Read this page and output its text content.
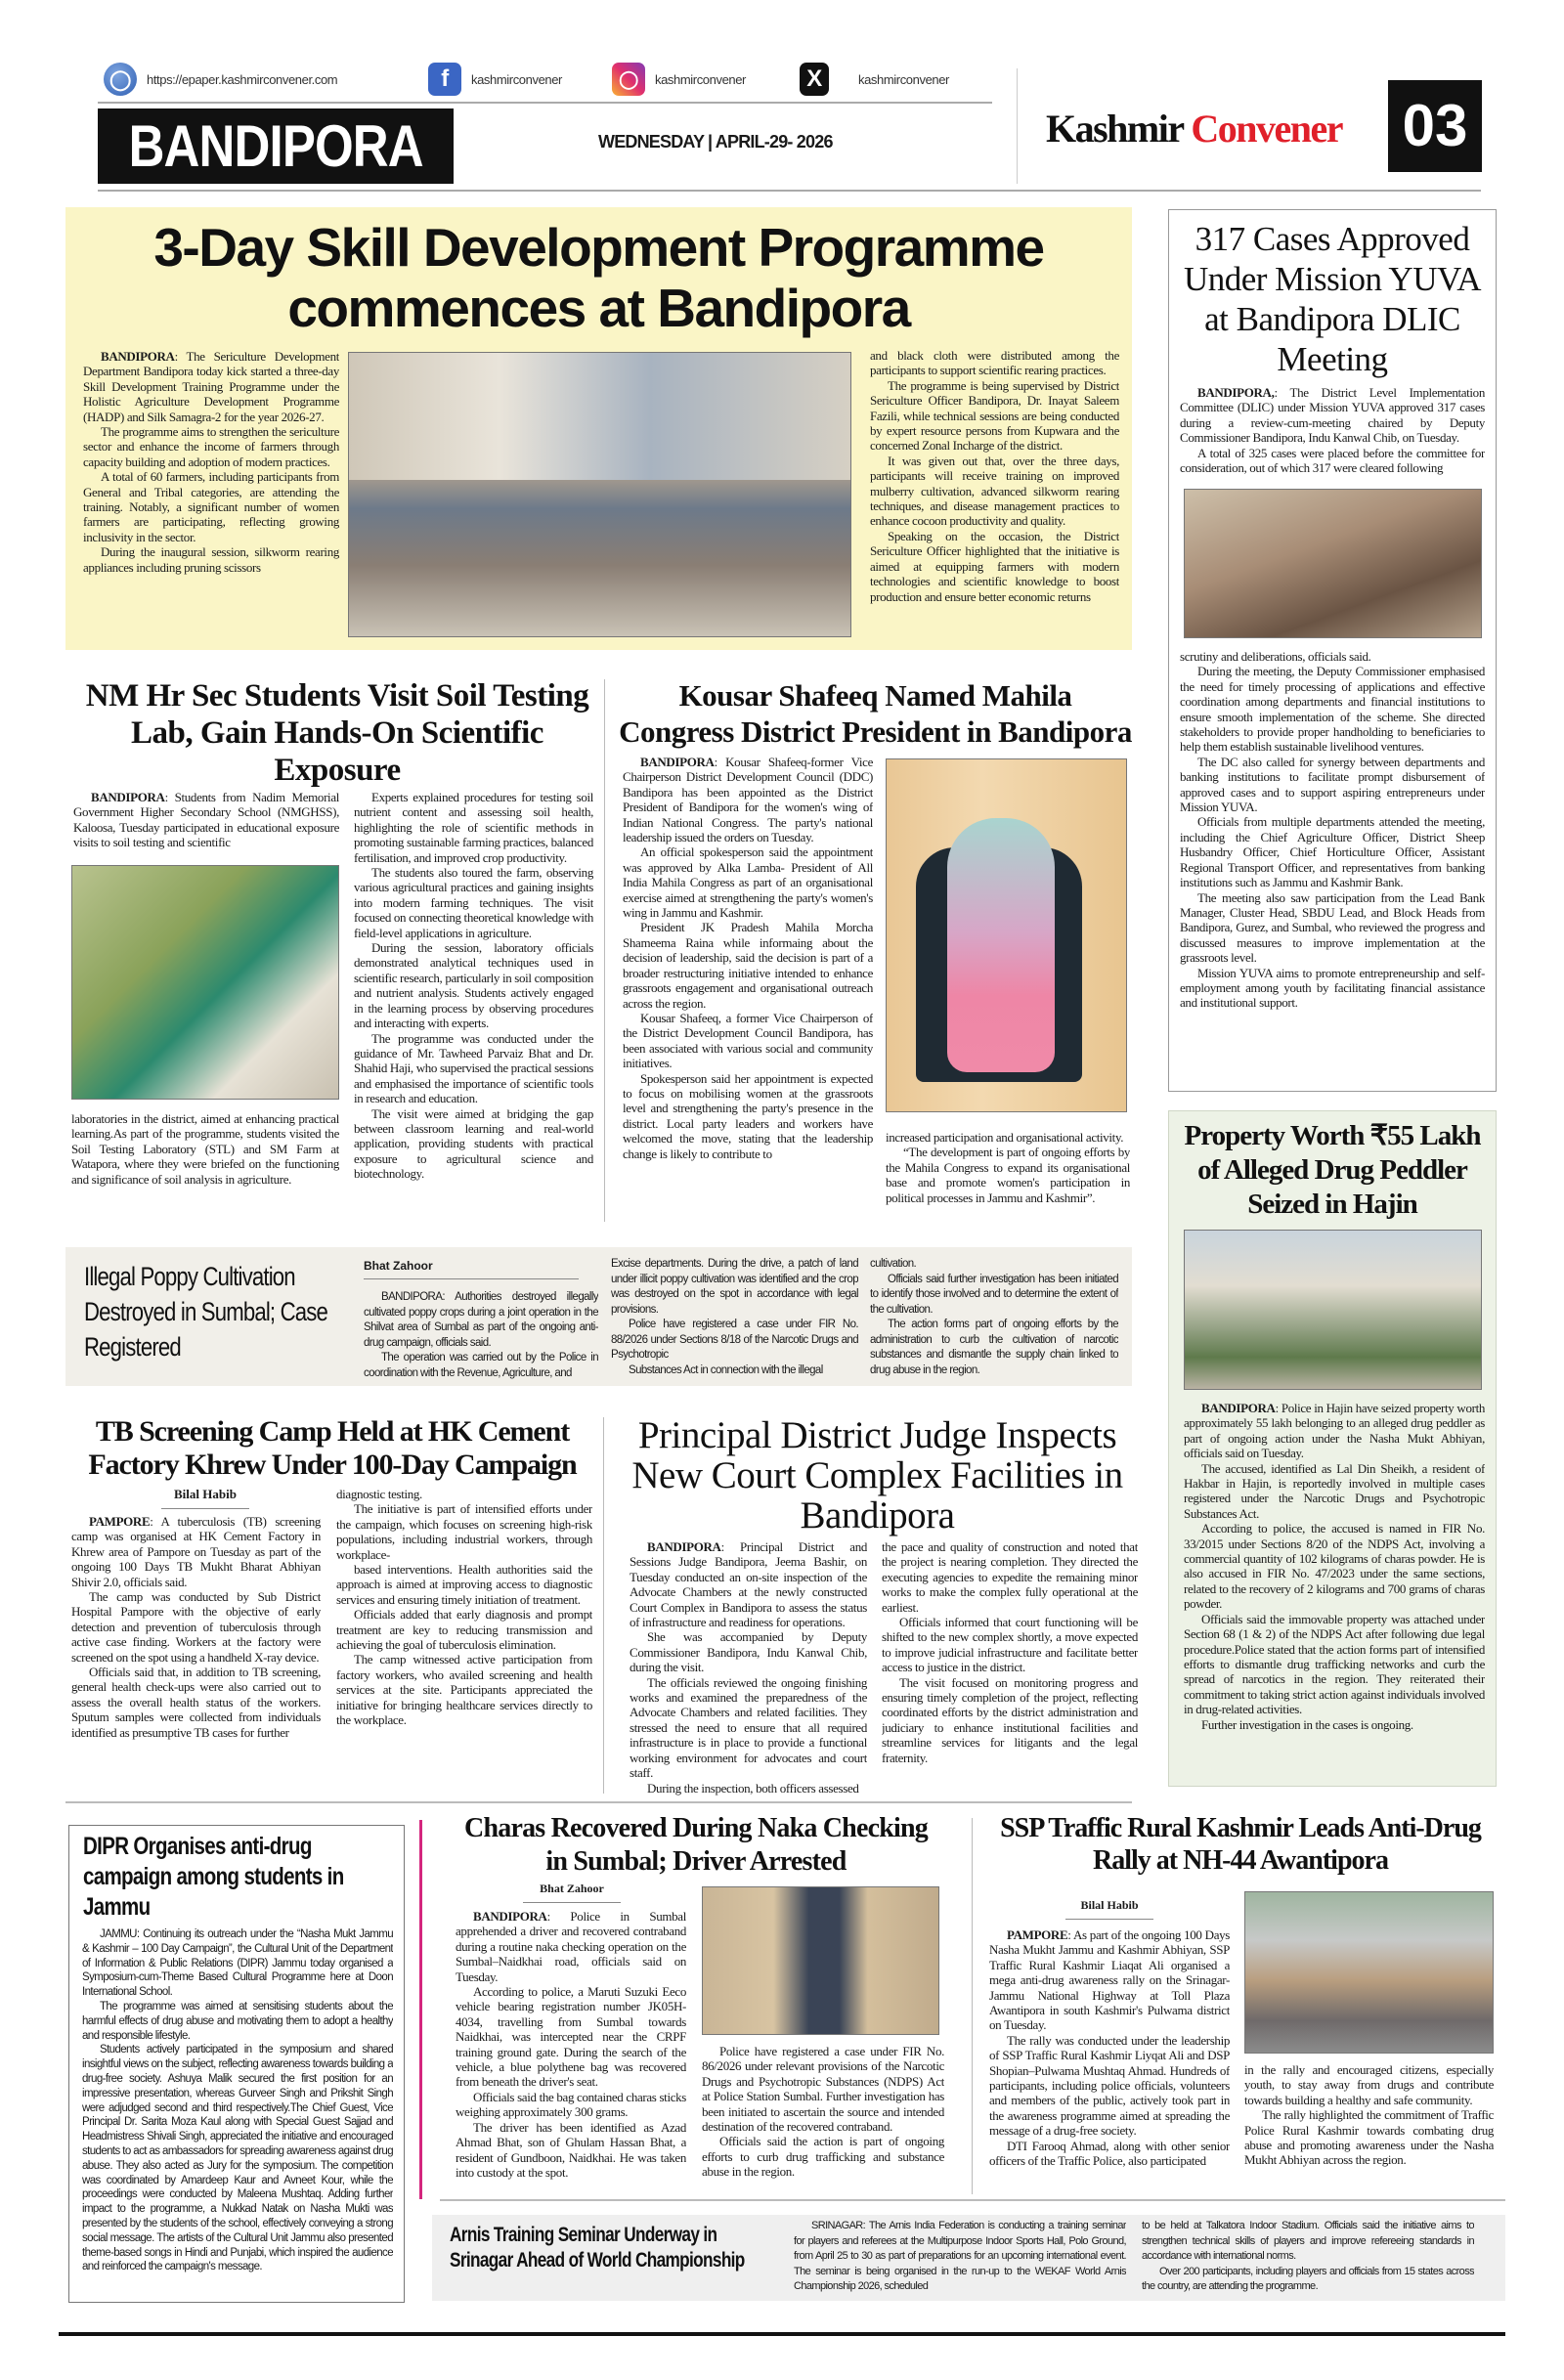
◯	https://epaper.kashmirconvener.com	f	kashmirconvener	◯	kashmirconvener	X	kashmirconvener
BANDIPORA	WEDNESDAY | APRIL-29- 2026	Kashmir Convener 03
3-Day Skill Development Programme
commences at Bandipora

BANDIPORA: The Sericulture Development Department Bandipora today kick started a three-day Skill Development Training Programme under the Holistic Agriculture Development Programme (HADP) and Silk Samagra-2 for the year 2026-27.

The programme aims to strengthen the sericulture sector and enhance the income of farmers through capacity building and adoption of modern practices.

A total of 60 farmers, including participants from General and Tribal categories, are attending the training. Notably, a significant number of women farmers are participating, reflecting growing inclusivity in the sector.

During the inaugural session, silkworm rearing appliances including pruning scissors

and black cloth were distributed among the participants to support scientific rearing practices.

The programme is being supervised by District Sericulture Officer Bandipora, Dr. Inayat Saleem Fazili, while technical sessions are being conducted by expert resource persons from Kupwara and the concerned Zonal Incharge of the district.

It was given out that, over the three days, participants will receive training on improved mulberry cultivation, advanced silkworm rearing techniques, and disease management practices to enhance cocoon productivity and quality.

Speaking on the occasion, the District Sericulture Officer highlighted that the initiative is aimed at equipping farmers with modern technologies and scientific knowledge to boost production and ensure better economic returns

317 Cases Approved Under Mission YUVA at Bandipora DLIC Meeting

BANDIPORA,: The District Level Implementation Committee (DLIC) under Mission YUVA approved 317 cases during a review-cum-meeting chaired by Deputy Commissioner Bandipora, Indu Kanwal Chib, on Tuesday.

A total of 325 cases were placed before the committee for consideration, out of which 317 were cleared following

scrutiny and deliberations, officials said.

During the meeting, the Deputy Commissioner emphasised the need for timely processing of applications and effective coordination among departments and financial institutions to ensure smooth implementation of the scheme. She directed stakeholders to provide proper handholding to beneficiaries to help them establish sustainable livelihood ventures.

The DC also called for synergy between departments and banking institutions to facilitate prompt disbursement of approved cases and to support aspiring entrepreneurs under Mission YUVA.

Officials from multiple departments attended the meeting, including the Chief Agriculture Officer, District Sheep Husbandry Officer, Chief Horticulture Officer, Assistant Regional Transport Officer, and representatives from banking institutions such as Jammu and Kashmir Bank.

The meeting also saw participation from the Lead Bank Manager, Cluster Head, SBDU Lead, and Block Heads from Bandipora, Gurez, and Sumbal, who reviewed the progress and discussed measures to improve implementation at the grassroots level.

Mission YUVA aims to promote entrepreneurship and self-employment among youth by facilitating financial assistance and institutional support.

NM Hr Sec Students Visit Soil Testing Lab, Gain Hands-On Scientific Exposure

BANDIPORA: Students from Nadim Memorial Government Higher Secondary School (NMGHSS), Kaloosa, Tuesday participated in educational exposure visits to soil testing and scientific

laboratories in the district, aimed at enhancing practical learning.As part of the programme, students visited the Soil Testing Laboratory (STL) and SM Farm at Watapora, where they were briefed on the functioning and significance of soil analysis in agriculture.

Experts explained procedures for testing soil nutrient content and assessing soil health, highlighting the role of scientific methods in promoting sustainable farming practices, balanced fertilisation, and improved crop productivity.

The students also toured the farm, observing various agricultural practices and gaining insights into modern farming techniques. The visit focused on connecting theoretical knowledge with field-level applications in agriculture.

During the session, laboratory officials demonstrated analytical techniques used in scientific research, particularly in soil composition and nutrient analysis. Students actively engaged in the learning process by observing procedures and interacting with experts.

The programme was conducted under the guidance of Mr. Tawheed Parvaiz Bhat and Dr. Shahid Haji, who supervised the practical sessions and emphasised the importance of scientific tools in research and education.

The visit were aimed at bridging the gap between classroom learning and real-world application, providing students with practical exposure to agricultural science and biotechnology.

Kousar Shafeeq Named Mahila Congress District President in Bandipora

BANDIPORA: Kousar Shafeeq-former Vice Chairperson District Development Council (DDC) Bandipora has been appointed as the District President of Bandipora for the women's wing of Indian National Congress. The party's national leadership issued the orders on Tuesday.

An official spokesperson said the appointment was approved by Alka Lamba- President of All India Mahila Congress as part of an organisational exercise aimed at strengthening the party's women's wing in Jammu and Kashmir.

President JK Pradesh Mahila Morcha Shameema Raina while informaing about the decision of leadership, said the decision is part of a broader restructuring initiative intended to enhance grassroots engagement and organisational outreach across the region.

Kousar Shafeeq, a former Vice Chairperson of the District Development Council Bandipora, has been associated with various social and community initiatives.

Spokesperson said her appointment is expected to focus on mobilising women at the grassroots level and strengthening the party's presence in the district. Local party leaders and workers have welcomed the move, stating that the leadership change is likely to contribute to

increased participation and organisational activity.

“The development is part of ongoing efforts by the Mahila Congress to expand its organisational base and promote women's participation in political processes in Jammu and Kashmir”.

Illegal Poppy Cultivation Destroyed in Sumbal; Case Registered
Bhat Zahoor

BANDIPORA: Authorities destroyed illegally cultivated poppy crops during a joint operation in the Shilvat area of Sumbal as part of the ongoing anti-drug campaign, officials said.

The operation was carried out by the Police in coordination with the Revenue, Agriculture, and

Excise departments. During the drive, a patch of land under illicit poppy cultivation was identified and the crop was destroyed on the spot in accordance with legal provisions.

Police have registered a case under FIR No. 88/2026 under Sections 8/18 of the Narcotic Drugs and Psychotropic

Substances Act in connection with the illegal

cultivation.

Officials said further investigation has been initiated to identify those involved and to determine the extent of the cultivation.

The action forms part of ongoing efforts by the administration to curb the cultivation of narcotic substances and dismantle the supply chain linked to drug abuse in the region.

Property Worth ₹55 Lakh of Alleged Drug Peddler Seized in Hajin

BANDIPORA: Police in Hajin have seized property worth approximately 55 lakh belonging to an alleged drug peddler as part of ongoing action under the Nasha Mukt Abhiyan, officials said on Tuesday.

The accused, identified as Lal Din Sheikh, a resident of Hakbar in Hajin, is reportedly involved in multiple cases registered under the Narcotic Drugs and Psychotropic Substances Act.

According to police, the accused is named in FIR No. 33/2015 under Sections 8/20 of the NDPS Act, involving a commercial quantity of 102 kilograms of charas powder. He is also accused in FIR No. 47/2023 under the same sections, related to the recovery of 2 kilograms and 700 grams of charas powder.

Officials said the immovable property was attached under Section 68 (1 & 2) of the NDPS Act after following due legal procedure.Police stated that the action forms part of intensified efforts to dismantle drug trafficking networks and curb the spread of narcotics in the region. They reiterated their commitment to taking strict action against individuals involved in drug-related activities.

Further investigation in the cases is ongoing.

TB Screening Camp Held at HK Cement Factory Khrew Under 100-Day Campaign
Bilal Habib

PAMPORE: A tuberculosis (TB) screening camp was organised at HK Cement Factory in Khrew area of Pampore on Tuesday as part of the ongoing 100 Days TB Mukht Bharat Abhiyan Shivir 2.0, officials said.

The camp was conducted by Sub District Hospital Pampore with the objective of early detection and prevention of tuberculosis through active case finding. Workers at the factory were screened on the spot using a handheld X-ray device.

Officials said that, in addition to TB screening, general health check-ups were also carried out to assess the overall health status of the workers. Sputum samples were collected from individuals identified as presumptive TB cases for further

diagnostic testing.

The initiative is part of intensified efforts under the campaign, which focuses on screening high-risk populations, including industrial workers, through workplace-

based interventions. Health authorities said the approach is aimed at improving access to diagnostic services and ensuring timely initiation of treatment.

Officials added that early diagnosis and prompt treatment are key to reducing transmission and achieving the goal of tuberculosis elimination.

The camp witnessed active participation from factory workers, who availed screening and health services at the site. Participants appreciated the initiative for bringing healthcare services directly to the workplace.

Principal District Judge Inspects New Court Complex Facilities in Bandipora

BANDIPORA: Principal District and Sessions Judge Bandipora, Jeema Bashir, on Tuesday conducted an on-site inspection of the Advocate Chambers at the newly constructed Court Complex in Bandipora to assess the status of infrastructure and readiness for operations.

She was accompanied by Deputy Commissioner Bandipora, Indu Kanwal Chib, during the visit.

The officials reviewed the ongoing finishing works and examined the preparedness of the Advocate Chambers and related facilities. They stressed the need to ensure that all required infrastructure is in place to provide a functional working environment for advocates and court staff.

During the inspection, both officers assessed

the pace and quality of construction and noted that the project is nearing completion. They directed the executing agencies to expedite the remaining minor works to make the complex fully operational at the earliest.

Officials informed that court functioning will be shifted to the new complex shortly, a move expected to improve judicial infrastructure and facilitate better access to justice in the district.

The visit focused on monitoring progress and ensuring timely completion of the project, reflecting coordinated efforts by the district administration and judiciary to enhance institutional facilities and streamline services for litigants and the legal fraternity.

DIPR Organises anti-drug campaign among students in Jammu

JAMMU: Continuing its outreach under the “Nasha Mukt Jammu & Kashmir – 100 Day Campaign”, the Cultural Unit of the Department of Information & Public Relations (DIPR) Jammu today organised a Symposium-cum-Theme Based Cultural Programme here at Doon International School.

The programme was aimed at sensitising students about the harmful effects of drug abuse and motivating them to adopt a healthy and responsible lifestyle.

Students actively participated in the symposium and shared insightful views on the subject, reflecting awareness towards building a drug-free society. Ashuya Malik secured the first position for an impressive presentation, whereas Gurveer Singh and Prikshit Singh were adjudged second and third respectively.The Chief Guest, Vice Principal Dr. Sarita Moza Kaul along with Special Guest Sajjad and Headmistress Shivali Singh, appreciated the initiative and encouraged students to act as ambassadors for spreading awareness against drug abuse. They also acted as Jury for the symposium. The competition was coordinated by Amardeep Kaur and Avneet Kour, while the proceedings were conducted by Maleena Mushtaq. Adding further impact to the programme, a Nukkad Natak on Nasha Mukti was presented by the students of the school, effectively conveying a strong social message. The artists of the Cultural Unit Jammu also presented theme-based songs in Hindi and Punjabi, which inspired the audience and reinforced the campaign's message.

Charas Recovered During Naka Checking in Sumbal; Driver Arrested
Bhat Zahoor

BANDIPORA: Police in Sumbal apprehended a driver and recovered contraband during a routine naka checking operation on the Sumbal–Naidkhai road, officials said on Tuesday.

According to police, a Maruti Suzuki Eeco vehicle bearing registration number JK05H-4034, travelling from Sumbal towards Naidkhai, was intercepted near the CRPF training ground gate. During the search of the vehicle, a blue polythene bag was recovered from beneath the driver's seat.

Officials said the bag contained charas sticks weighing approximately 300 grams.

The driver has been identified as Azad Ahmad Bhat, son of Ghulam Hassan Bhat, a resident of Gundboon, Naidkhai. He was taken into custody at the spot.

Police have registered a case under FIR No. 86/2026 under relevant provisions of the Narcotic Drugs and Psychotropic Substances (NDPS) Act at Police Station Sumbal. Further investigation has been initiated to ascertain the source and intended destination of the recovered contraband.

Officials said the action is part of ongoing efforts to curb drug trafficking and substance abuse in the region.

SSP Traffic Rural Kashmir Leads Anti-Drug Rally at NH-44 Awantipora
Bilal Habib

PAMPORE: As part of the ongoing 100 Days Nasha Mukht Jammu and Kashmir Abhiyan, SSP Traffic Rural Kashmir Liaqat Ali organised a mega anti-drug awareness rally on the Srinagar-Jammu National Highway at Toll Plaza Awantipora in south Kashmir's Pulwama district on Tuesday.

The rally was conducted under the leadership of SSP Traffic Rural Kashmir Liyqat Ali and DSP Shopian–Pulwama Mushtaq Ahmad. Hundreds of participants, including police officials, volunteers and members of the public, actively took part in the awareness programme aimed at spreading the message of a drug-free society.

DTI Farooq Ahmad, along with other senior officers of the Traffic Police, also participated

in the rally and encouraged citizens, especially youth, to stay away from drugs and contribute towards building a healthy and safe community.

The rally highlighted the commitment of Traffic Police Rural Kashmir towards combating drug abuse and promoting awareness under the Nasha Mukht Abhiyan across the region.

Arnis Training Seminar Underway in Srinagar Ahead of World Championship

SRINAGAR: The Arnis India Federation is conducting a training seminar for players and referees at the Multipurpose Indoor Sports Hall, Polo Ground, from April 25 to 30 as part of preparations for an upcoming international event. The seminar is being organised in the run-up to the WEKAF World Arnis Championship 2026, scheduled

to be held at Talkatora Indoor Stadium. Officials said the initiative aims to strengthen technical skills of players and improve refereeing standards in accordance with international norms.

Over 200 participants, including players and officials from 15 states across the country, are attending the programme.
